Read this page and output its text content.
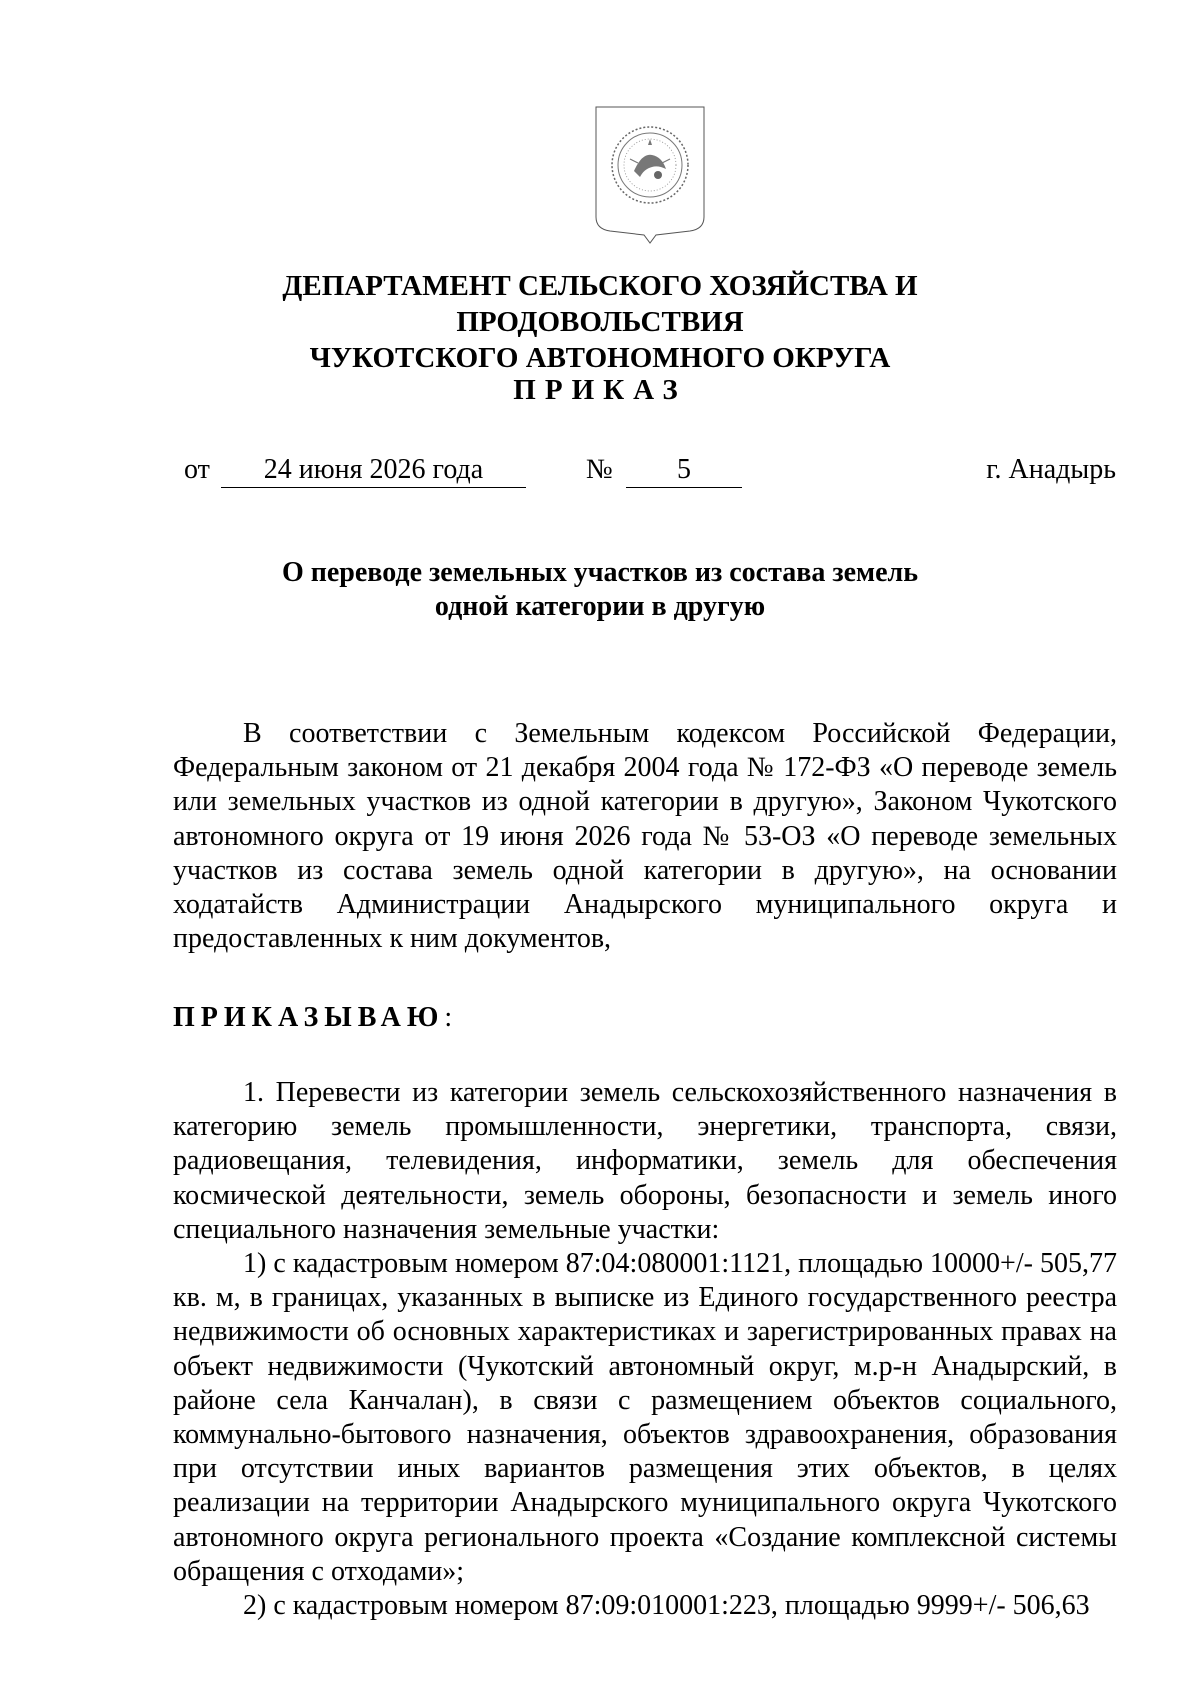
ДЕПАРТАМЕНТ СЕЛЬСКОГО ХОЗЯЙСТВА И ПРОДОВОЛЬСТВИЯ
ЧУКОТСКОГО АВТОНОМНОГО ОКРУГА
ПРИКАЗ
от	24 июня 2026 года	№	5	г. Анадырь
О переводе земельных участков из состава земель
одной категории в другую

В соответствии с Земельным кодексом Российской Федерации, Федеральным законом от 21 декабря 2004 года № 172-ФЗ «О переводе земель или земельных участков из одной категории в другую», Законом Чукотского автономного округа от 19 июня 2026 года № 53-ОЗ «О переводе земельных участков из состава земель одной категории в другую», на основании ходатайств Администрации Анадырского муниципального округа и предоставленных к ним документов,

ПРИКАЗЫВАЮ:

1. Перевести из категории земель сельскохозяйственного назначения в категорию земель промышленности, энергетики, транспорта, связи, радиовещания, телевидения, информатики, земель для обеспечения космической деятельности, земель обороны, безопасности и земель иного специального назначения земельные участки:

1) с кадастровым номером 87:04:080001:1121, площадью 10000+/- 505,77 кв. м, в границах, указанных в выписке из Единого государственного реестра недвижимости об основных характеристиках и зарегистрированных правах на объект недвижимости (Чукотский автономный округ, м.р-н Анадырский, в районе села Канчалан), в связи с размещением объектов социального, коммунально-бытового назначения, объектов здравоохранения, образования при отсутствии иных вариантов размещения этих объектов, в целях реализации на территории Анадырского муниципального округа Чукотского автономного округа регионального проекта «Создание комплексной системы обращения с отходами»;

2) с кадастровым номером 87:09:010001:223, площадью 9999+/- 506,63
